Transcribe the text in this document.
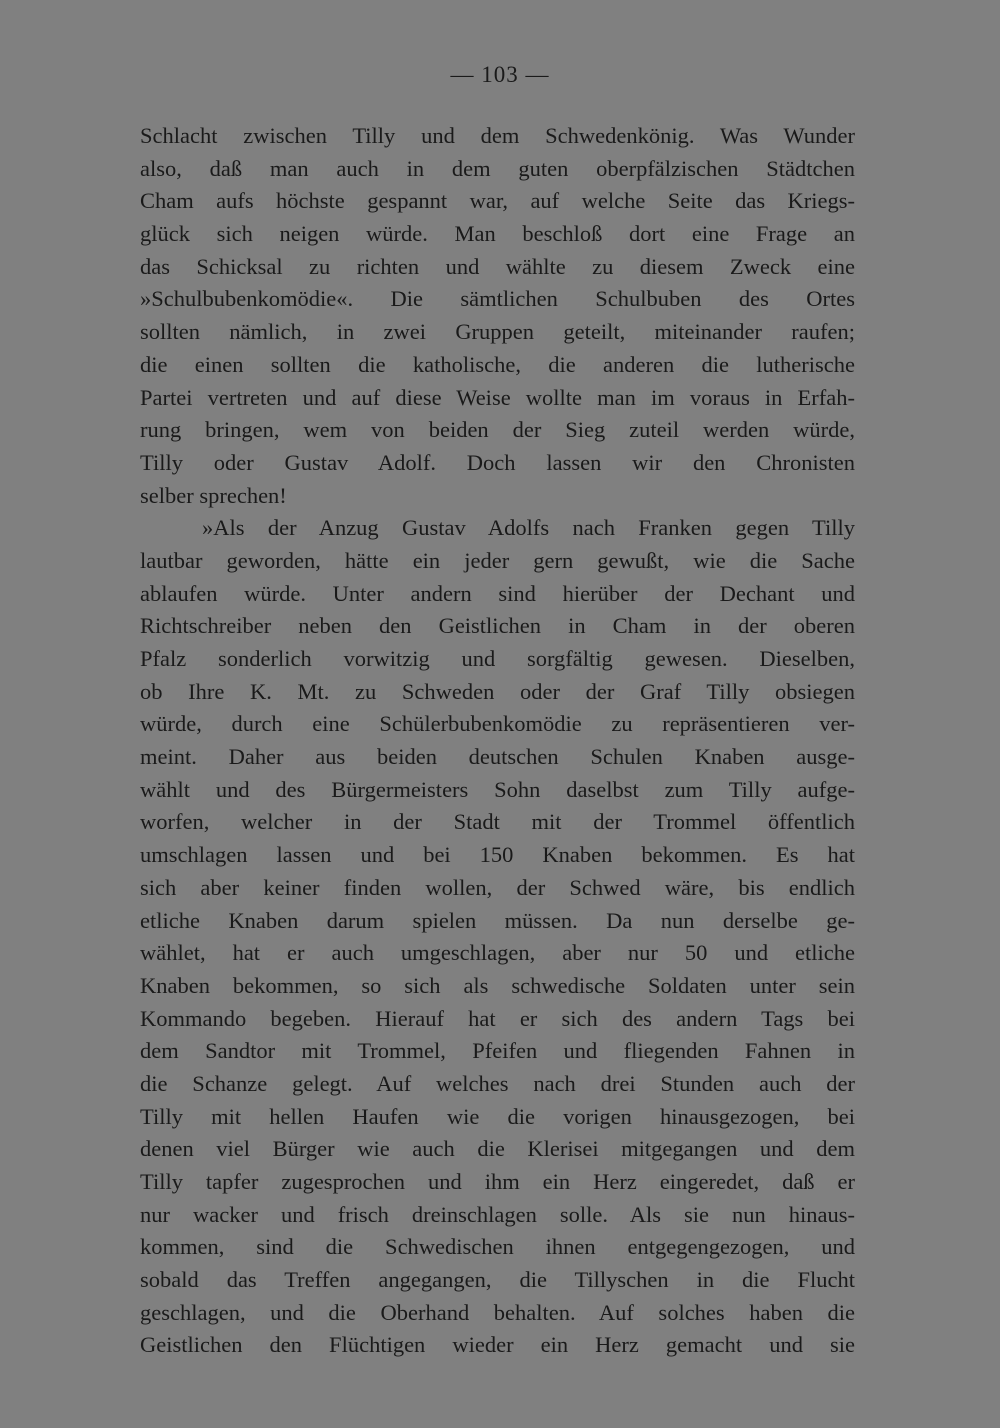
— 103 —
Schlacht zwischen Tilly und dem Schwedenkönig. Was Wunder
also, daß man auch in dem guten oberpfälzischen Städtchen
Cham aufs höchste gespannt war, auf welche Seite das Kriegs-
glück sich neigen würde. Man beschloß dort eine Frage an
das Schicksal zu richten und wählte zu diesem Zweck eine
»Schulbubenkomödie«. Die sämtlichen Schulbuben des Ortes
sollten nämlich, in zwei Gruppen geteilt, miteinander raufen;
die einen sollten die katholische, die anderen die lutherische
Partei vertreten und auf diese Weise wollte man im voraus in Erfah-
rung bringen, wem von beiden der Sieg zuteil werden würde,
Tilly oder Gustav Adolf. Doch lassen wir den Chronisten
selber sprechen!
»Als der Anzug Gustav Adolfs nach Franken gegen Tilly
lautbar geworden, hätte ein jeder gern gewußt, wie die Sache
ablaufen würde. Unter andern sind hierüber der Dechant und
Richtschreiber neben den Geistlichen in Cham in der oberen
Pfalz sonderlich vorwitzig und sorgfältig gewesen. Dieselben,
ob Ihre K. Mt. zu Schweden oder der Graf Tilly obsiegen
würde, durch eine Schülerbubenkomödie zu repräsentieren ver-
meint. Daher aus beiden deutschen Schulen Knaben ausge-
wählt und des Bürgermeisters Sohn daselbst zum Tilly aufge-
worfen, welcher in der Stadt mit der Trommel öffentlich
umschlagen lassen und bei 150 Knaben bekommen. Es hat
sich aber keiner finden wollen, der Schwed wäre, bis endlich
etliche Knaben darum spielen müssen. Da nun derselbe ge-
wählet, hat er auch umgeschlagen, aber nur 50 und etliche
Knaben bekommen, so sich als schwedische Soldaten unter sein
Kommando begeben. Hierauf hat er sich des andern Tags bei
dem Sandtor mit Trommel, Pfeifen und fliegenden Fahnen in
die Schanze gelegt. Auf welches nach drei Stunden auch der
Tilly mit hellen Haufen wie die vorigen hinausgezogen, bei
denen viel Bürger wie auch die Klerisei mitgegangen und dem
Tilly tapfer zugesprochen und ihm ein Herz eingeredet, daß er
nur wacker und frisch dreinschlagen solle. Als sie nun hinaus-
kommen, sind die Schwedischen ihnen entgegengezogen, und
sobald das Treffen angegangen, die Tillyschen in die Flucht
geschlagen, und die Oberhand behalten. Auf solches haben die
Geistlichen den Flüchtigen wieder ein Herz gemacht und sie
